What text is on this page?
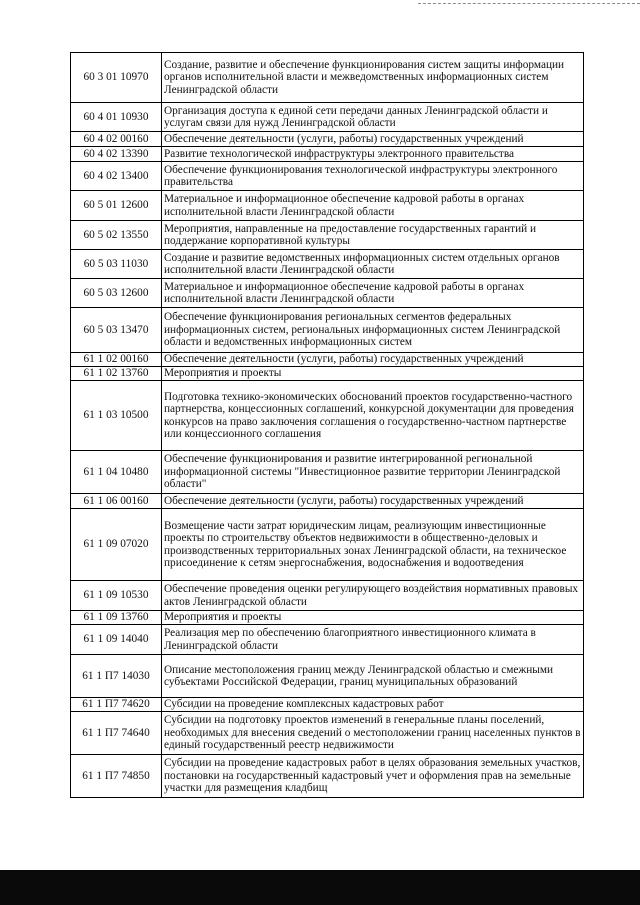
60 3 01 10970	Создание, развитие и обеспечение функционирования систем защиты информации органов исполнительной власти и межведомственных информационных систем Ленинградской области
60 4 01 10930	Организация доступа к единой сети передачи данных Ленинградской области и услугам связи для нужд Ленинградской области
60 4 02 00160	Обеспечение деятельности (услуги, работы) государственных учреждений
60 4 02 13390	Развитие технологической инфраструктуры электронного правительства
60 4 02 13400	Обеспечение функционирования технологической инфраструктуры электронного правительства
60 5 01 12600	Материальное и информационное обеспечение кадровой работы в органах исполнительной власти Ленинградской области
60 5 02 13550	Мероприятия, направленные на предоставление государственных гарантий и поддержание корпоративной культуры
60 5 03 11030	Создание и развитие ведомственных информационных систем отдельных органов исполнительной власти Ленинградской области
60 5 03 12600	Материальное и информационное обеспечение кадровой работы в органах исполнительной власти Ленинградской области
60 5 03 13470	Обеспечение функционирования региональных сегментов федеральных информационных систем, региональных информационных систем Ленинградской области и ведомственных информационных систем
61 1 02 00160	Обеспечение деятельности (услуги, работы) государственных учреждений
61 1 02 13760	Мероприятия и проекты
61 1 03 10500	Подготовка технико-экономических обоснований проектов государственно-частного партнерства, концессионных соглашений, конкурсной документации для проведения конкурсов на право заключения соглашения о государственно-частном партнерстве или концессионного соглашения
61 1 04 10480	Обеспечение функционирования и развитие интегрированной региональной информационной системы "Инвестиционное развитие территории Ленинградской области"
61 1 06 00160	Обеспечение деятельности (услуги, работы) государственных учреждений
61 1 09 07020	Возмещение части затрат юридическим лицам, реализующим инвестиционные проекты по строительству объектов недвижимости в общественно-деловых и производственных территориальных зонах Ленинградской области, на техническое присоединение к сетям энергоснабжения, водоснабжения и водоотведения
61 1 09 10530	Обеспечение проведения оценки регулирующего воздействия нормативных правовых актов Ленинградской области
61 1 09 13760	Мероприятия и проекты
61 1 09 14040	Реализация мер по обеспечению благоприятного инвестиционного климата в Ленинградской области
61 1 П7 14030	Описание местоположения границ между Ленинградской областью и смежными субъектами Российской Федерации, границ муниципальных образований
61 1 П7 74620	Субсидии на проведение комплексных кадастровых работ
61 1 П7 74640	Субсидии на подготовку проектов изменений в генеральные планы поселений, необходимых для внесения сведений о местоположении границ населенных пунктов в единый государственный реестр недвижимости
61 1 П7 74850	Субсидии на проведение кадастровых работ в целях образования земельных участков, постановки на государственный кадастровый учет и оформления прав на земельные участки для размещения кладбищ
